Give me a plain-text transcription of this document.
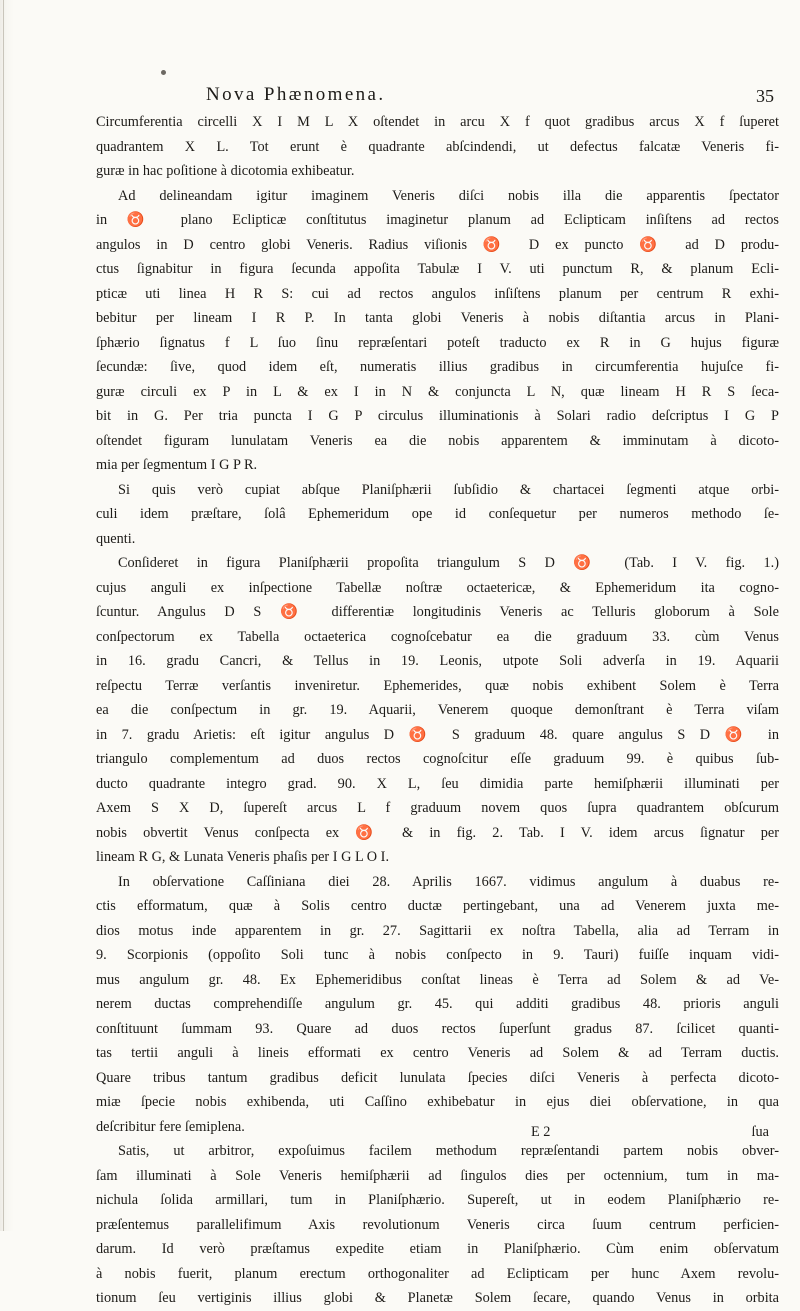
Nova Phænomena.	35
Circumferentia circelli X I M L X oſtendet in arcu X f quot gradibus arcus X f ſuperet
quadrantem X L. Tot erunt è quadrante abſcindendi, ut defectus falcatæ Veneris fi-
guræ in hac poſitione à dicotomia exhibeatur.
Ad delineandam igitur imaginem Veneris diſci nobis illa die apparentis ſpectator
in ♉ plano Eclipticæ conſtitutus imaginetur planum ad Eclipticam inſiſtens ad rectos
angulos in D centro globi Veneris. Radius viſionis ♉ D ex puncto ♉ ad D produ-
ctus ſignabitur in figura ſecunda appoſita Tabulæ I V. uti punctum R, & planum Ecli-
pticæ uti linea H R S: cui ad rectos angulos inſiſtens planum per centrum R exhi-
bebitur per lineam I R P. In tanta globi Veneris à nobis diſtantia arcus in Plani-
ſphærio ſignatus f L ſuo ſinu repræſentari poteſt traducto ex R in G hujus figuræ
ſecundæ: ſive, quod idem eſt, numeratis illius gradibus in circumferentia hujuſce fi-
guræ circuli ex P in L & ex I in N & conjuncta L N, quæ lineam H R S ſeca-
bit in G. Per tria puncta I G P circulus illuminationis à Solari radio deſcriptus I G P
oſtendet figuram lunulatam Veneris ea die nobis apparentem & imminutam à dicoto-
mia per ſegmentum I G P R.
Si quis verò cupiat abſque Planiſphærii ſubſidio & chartacei ſegmenti atque orbi-
culi idem præſtare, ſolâ Ephemeridum ope id conſequetur per numeros methodo ſe-
quenti.
Conſideret in figura Planiſphærii propoſita triangulum S D ♉ (Tab. I V. fig. 1.)
cujus anguli ex inſpectione Tabellæ noſtræ octaetericæ, & Ephemeridum ita cogno-
ſcuntur. Angulus D S ♉ differentiæ longitudinis Veneris ac Telluris globorum à Sole
conſpectorum ex Tabella octaeterica cognoſcebatur ea die graduum 33. cùm Venus
in 16. gradu Cancri, & Tellus in 19. Leonis, utpote Soli adverſa in 19. Aquarii
reſpectu Terræ verſantis inveniretur. Ephemerides, quæ nobis exhibent Solem è Terra
ea die conſpectum in gr. 19. Aquarii, Venerem quoque demonſtrant è Terra viſam
in 7. gradu Arietis: eſt igitur angulus D ♉ S graduum 48. quare angulus S D ♉ in
triangulo complementum ad duos rectos cognoſcitur eſſe graduum 99. è quibus ſub-
ducto quadrante integro grad. 90. X L, ſeu dimidia parte hemiſphærii illuminati per
Axem S X D, ſupereſt arcus L f graduum novem quos ſupra quadrantem obſcurum
nobis obvertit Venus conſpecta ex ♉ & in fig. 2. Tab. I V. idem arcus ſignatur per
lineam R G, & Lunata Veneris phaſis per I G L O I.
In obſervatione Caſſiniana diei 28. Aprilis 1667. vidimus angulum à duabus re-
ctis efformatum, quæ à Solis centro ductæ pertingebant, una ad Venerem juxta me-
dios motus inde apparentem in gr. 27. Sagittarii ex noſtra Tabella, alia ad Terram in
9. Scorpionis (oppoſito Soli tunc à nobis conſpecto in 9. Tauri) fuiſſe inquam vidi-
mus angulum gr. 48. Ex Ephemeridibus conſtat lineas è Terra ad Solem & ad Ve-
nerem ductas comprehendiſſe angulum gr. 45. qui additi gradibus 48. prioris anguli
conſtituunt ſummam 93. Quare ad duos rectos ſuperſunt gradus 87. ſcilicet quanti-
tas tertii anguli à lineis efformati ex centro Veneris ad Solem & ad Terram ductis.
Quare tribus tantum gradibus deficit lunulata ſpecies diſci Veneris à perfecta dicoto-
miæ ſpecie nobis exhibenda, uti Caſſino exhibebatur in ejus diei obſervatione, in qua
deſcribitur fere ſemiplena.
Satis, ut arbitror, expoſuimus facilem methodum repræſentandi partem nobis obver-
ſam illuminati à Sole Veneris hemiſphærii ad ſingulos dies per octennium, tum in ma-
nichula ſolida armillari, tum in Planiſphærio. Supereſt, ut in eodem Planiſphærio re-
præſentemus parallelifimum Axis revolutionum Veneris circa ſuum centrum perficien-
darum. Id verò præſtamus expedite etiam in Planiſphærio. Cùm enim obſervatum
à nobis fuerit, planum erectum orthogonaliter ad Eclipticam per hunc Axem revolu-
tionum ſeu vertiginis illius globi & Planetæ Solem ſecare, quando Venus in orbita
E 2	ſua
